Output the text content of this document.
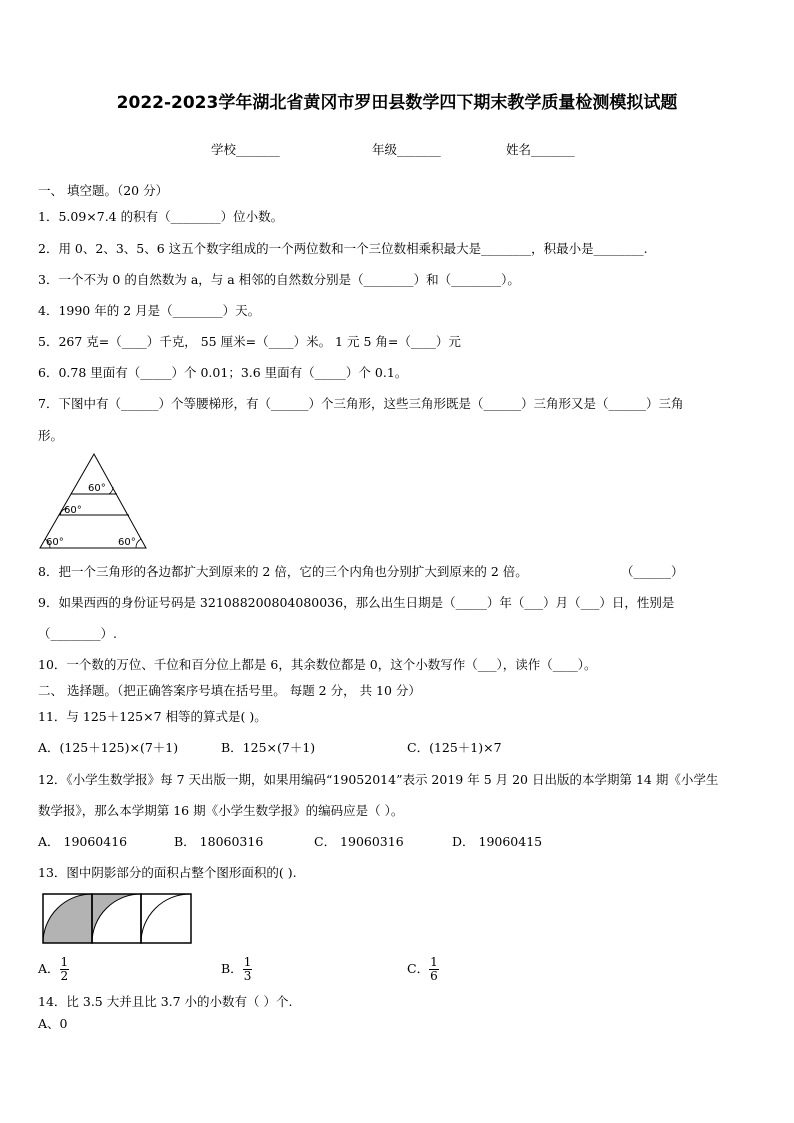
2022-2023学年湖北省黄冈市罗田县数学四下期末教学质量检测模拟试题
学校_______	年级_______	姓名_______
一、 填空题。（20 分）
1．5.09×7.4 的积有（________）位小数。
2．用 0、2、3、5、6 这五个数字组成的一个两位数和一个三位数相乘积最大是________，积最小是________.
3．一个不为 0 的自然数为 a，与 a 相邻的自然数分别是（________）和（________）。
4．1990 年的 2 月是（________）天。
5．267 克=（____）千克， 55 厘米=（____）米。 1 元 5 角=（____）元
6．0.78 里面有（_____）个 0.01；3.6 里面有（_____）个 0.1。
7．下图中有（______）个等腰梯形，有（______）个三角形，这些三角形既是（______）三角形又是（______）三角
形。
60°
60°
60°	60°
8．把一个三角形的各边都扩大到原来的 2 倍，它的三个内角也分别扩大到原来的 2 倍。	（______）
9．如果西西的身份证号码是 321088200804080036，那么出生日期是（_____）年（___）月（___）日，性别是
（________）.
10．一个数的万位、千位和百分位上都是 6，其余数位都是 0，这个小数写作（___），读作（____）。
二、 选择题。（把正确答案序号填在括号里。 每题 2 分， 共 10 分）
11．与 125＋125×7 相等的算式是( )。
A．(125＋125)×(7＋1)	B．125×(7＋1)	C．(125＋1)×7
12．《小学生数学报》每 7 天出版一期，如果用编码“19052014”表示 2019 年 5 月 20 日出版的本学期第 14 期《小学生
数学报》，那么本学期第 16 期《小学生数学报》的编码应是（ ）。
A． 19060416	B． 18060316	C． 19060316	D． 19060415
13．图中阴影部分的面积占整个图形面积的( ).
A． $\frac{1}{2}$	B． $\frac{1}{3}$	C． $\frac{1}{6}$
14．比 3.5 大并且比 3.7 小的小数有（ ）个.
A、0
